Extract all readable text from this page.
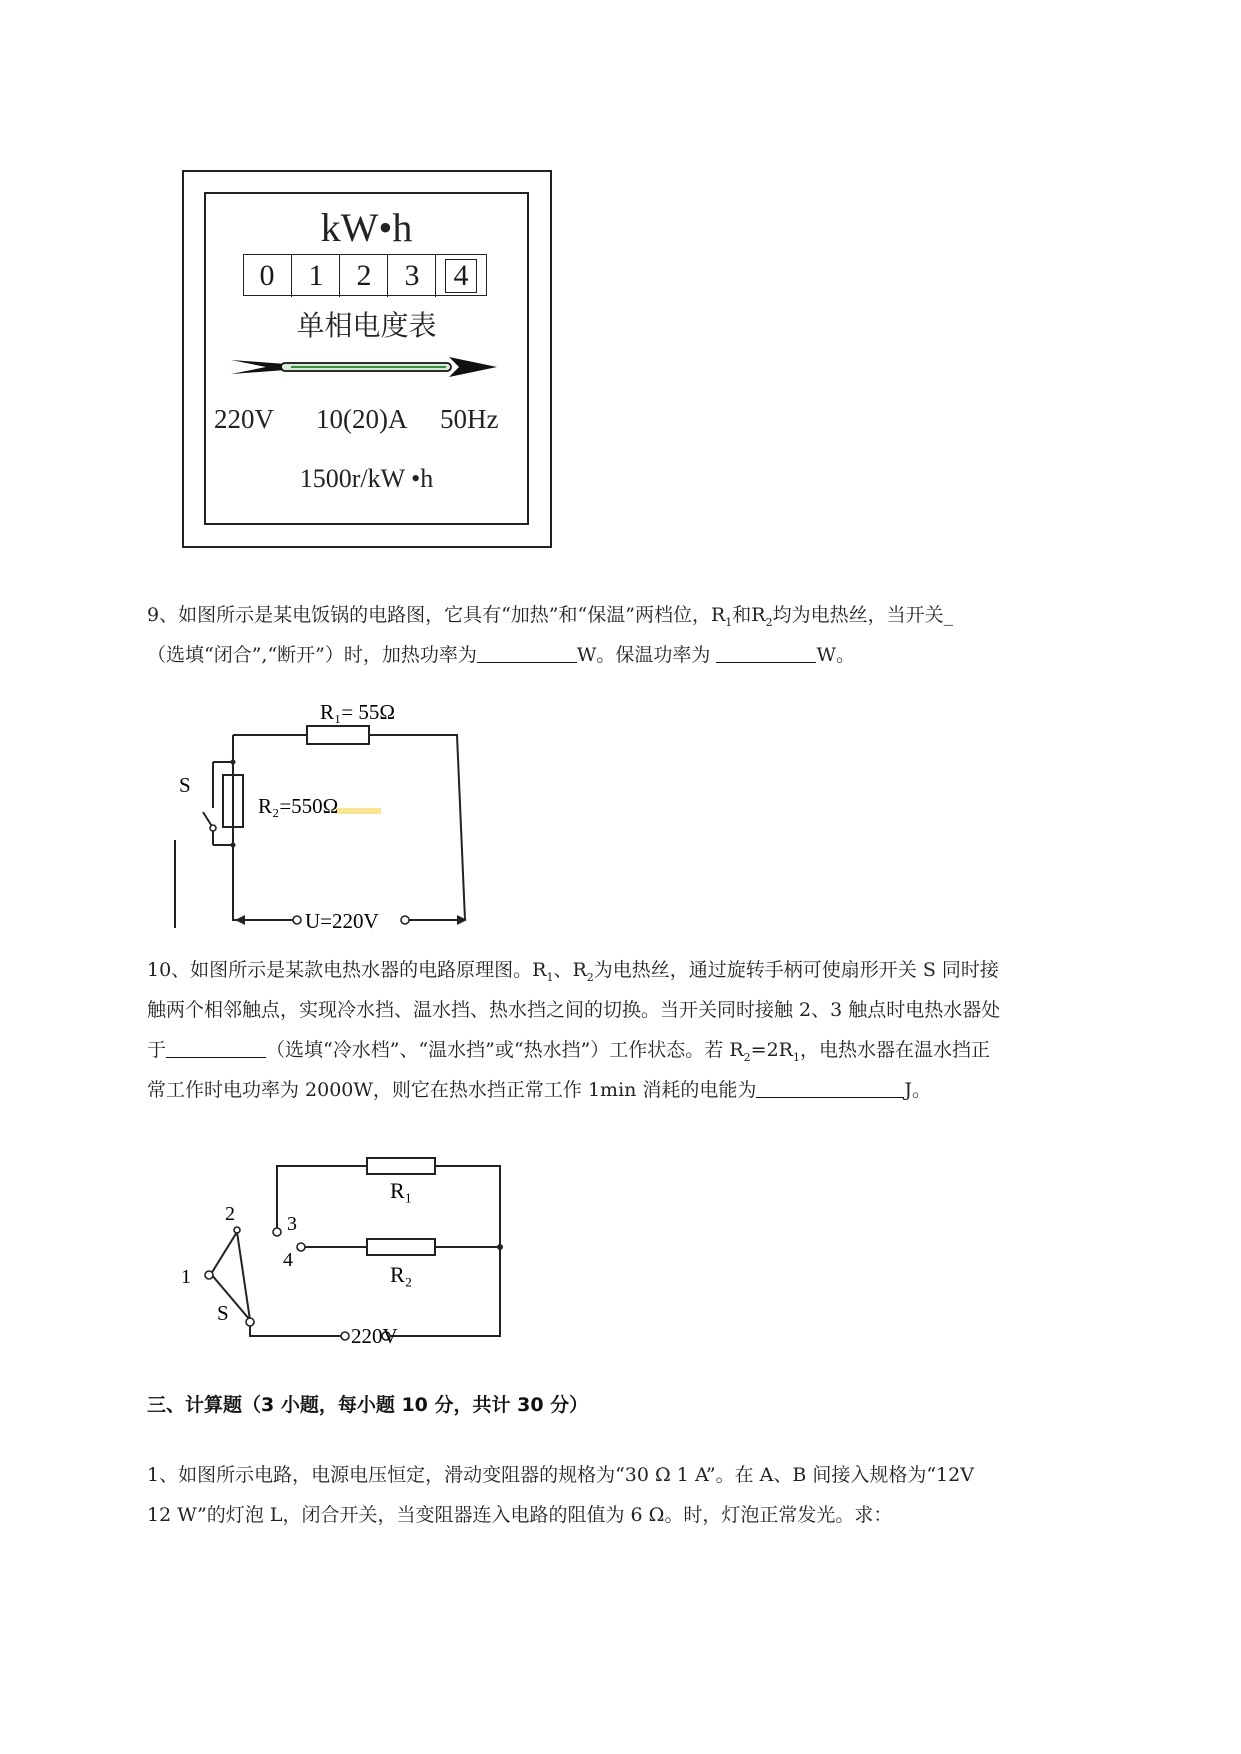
kW•h
0	1	2	3	4
单相电度表
220V 10(20)A 50Hz
1500r/kW •h
9、如图所示是某电饭锅的电路图，它具有“加热”和“保温”两档位，$R_1$和$R_2$均为电热丝，当开关_
（选填“闭合”,“断开”）时，加热功率为	W。保温功率为	W。
R₁= 55Ω
R₂=550Ω
S
U=220V
10、如图所示是某款电热水器的电路原理图。$R_1$、$R_2$为电热丝，通过旋转手柄可使扇形开关 S 同时接
触两个相邻触点，实现冷水挡、温水挡、热水挡之间的切换。当开关同时接触 2、3 触点时电热水器处
于	（选填“冷水档”、“温水挡”或“热水挡”）工作状态。若 $R_2=2R_1$，电热水器在温水挡正
常工作时电功率为 2000W，则它在热水挡正常工作 1min 消耗的电能为	J。
R₁
R₂
1
2	3
4
S
220V
三、计算题（3 小题，每小题 10 分，共计 30 分）
1、如图所示电路，电源电压恒定，滑动变阻器的规格为“30 Ω 1 A”。在 A、B 间接入规格为“12V
12 W”的灯泡 L，闭合开关，当变阻器连入电路的阻值为 6 Ω。时，灯泡正常发光。求：
